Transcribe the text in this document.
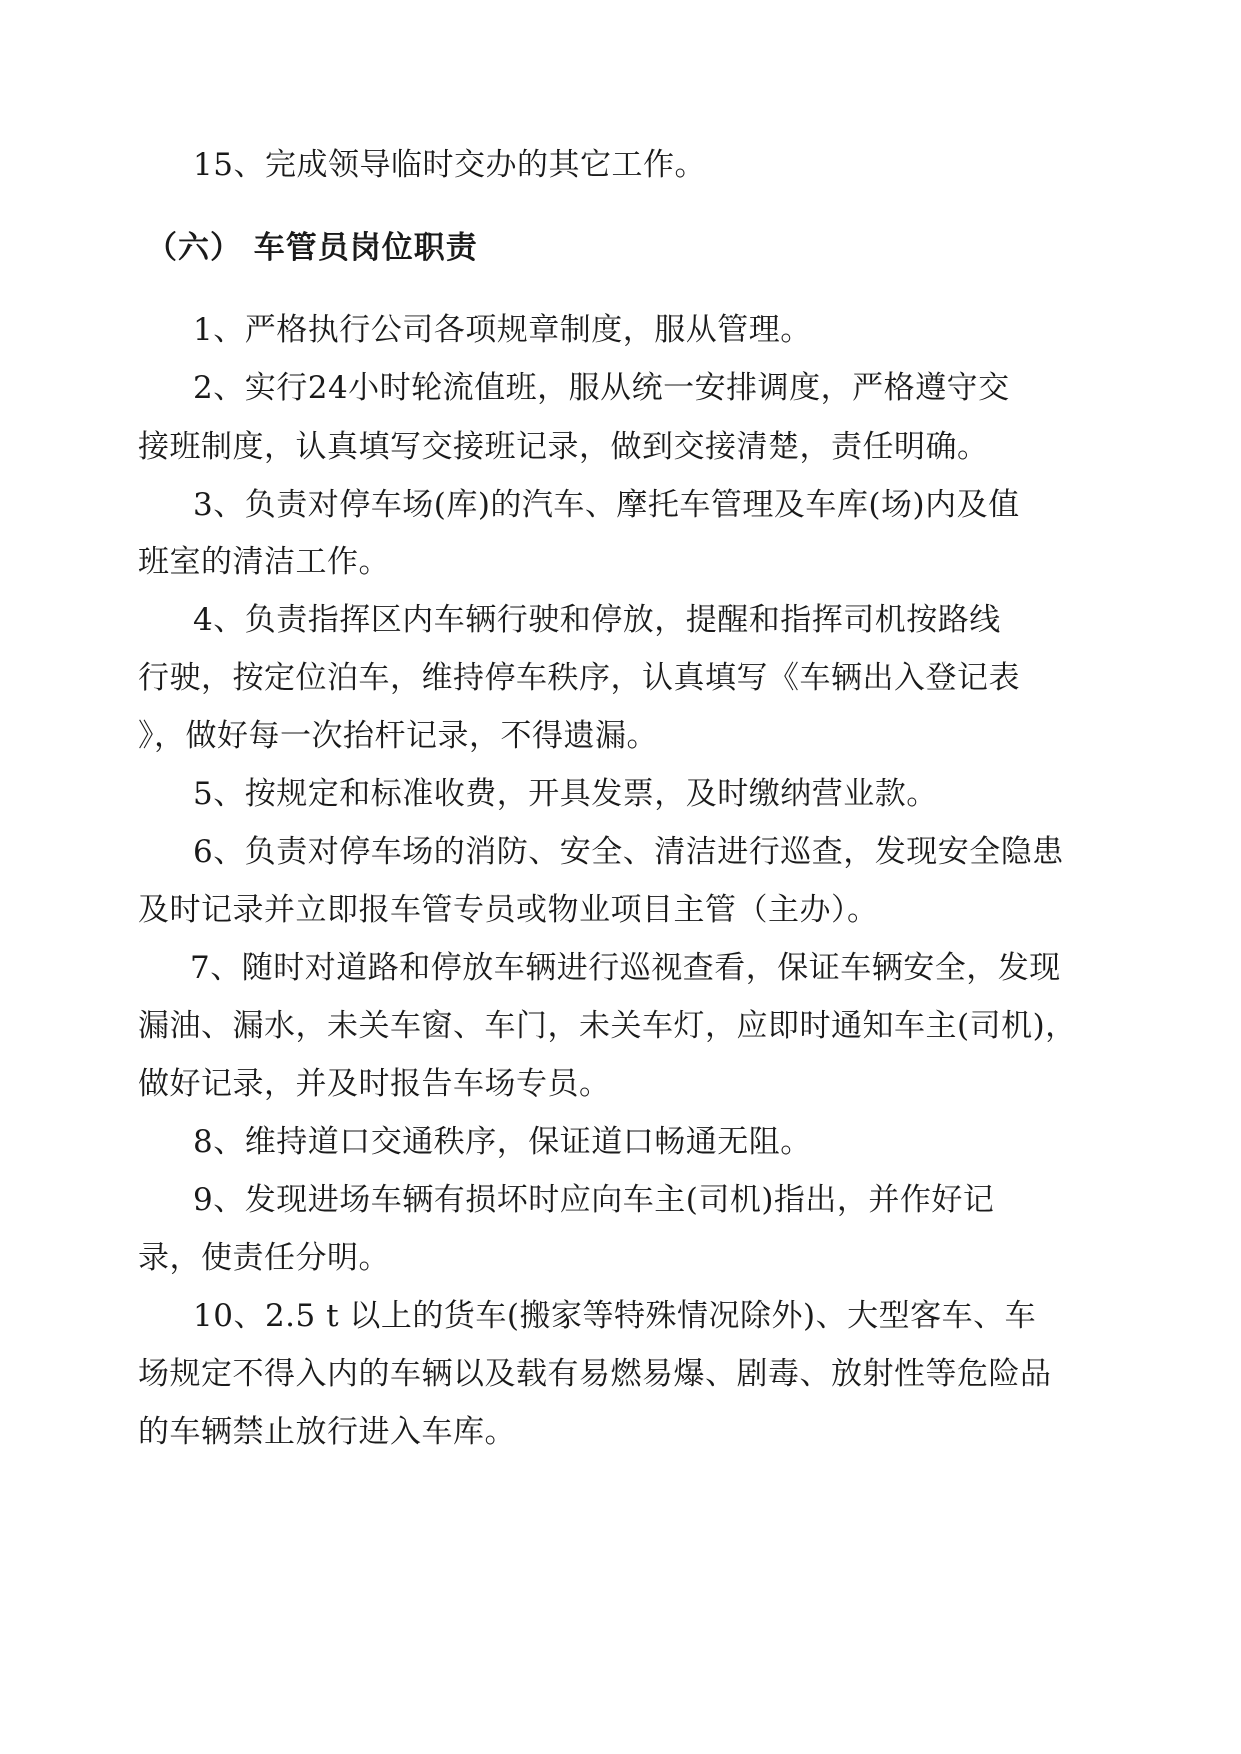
15、完成领导临时交办的其它工作。
（六） 车管员岗位职责
1、严格执行公司各项规章制度，服从管理。
2、实行24小时轮流值班，服从统一安排调度，严格遵守交
接班制度，认真填写交接班记录，做到交接清楚，责任明确。
3、负责对停车场(库)的汽车、摩托车管理及车库(场)内及值
班室的清洁工作。
4、负责指挥区内车辆行驶和停放，提醒和指挥司机按路线
行驶，按定位泊车，维持停车秩序，认真填写《车辆出入登记表
》，做好每一次抬杆记录，不得遗漏。
5、按规定和标准收费，开具发票，及时缴纳营业款。
6、负责对停车场的消防、安全、清洁进行巡查，发现安全隐患
及时记录并立即报车管专员或物业项目主管（主办）。
7、随时对道路和停放车辆进行巡视查看，保证车辆安全，发现
漏油、漏水，未关车窗、车门，未关车灯，应即时通知车主(司机)，
做好记录，并及时报告车场专员。
8、维持道口交通秩序，保证道口畅通无阻。
9、发现进场车辆有损坏时应向车主(司机)指出，并作好记
录，使责任分明。
10、2.5 t 以上的货车(搬家等特殊情况除外)、大型客车、车
场规定不得入内的车辆以及载有易燃易爆、剧毒、放射性等危险品
的车辆禁止放行进入车库。
